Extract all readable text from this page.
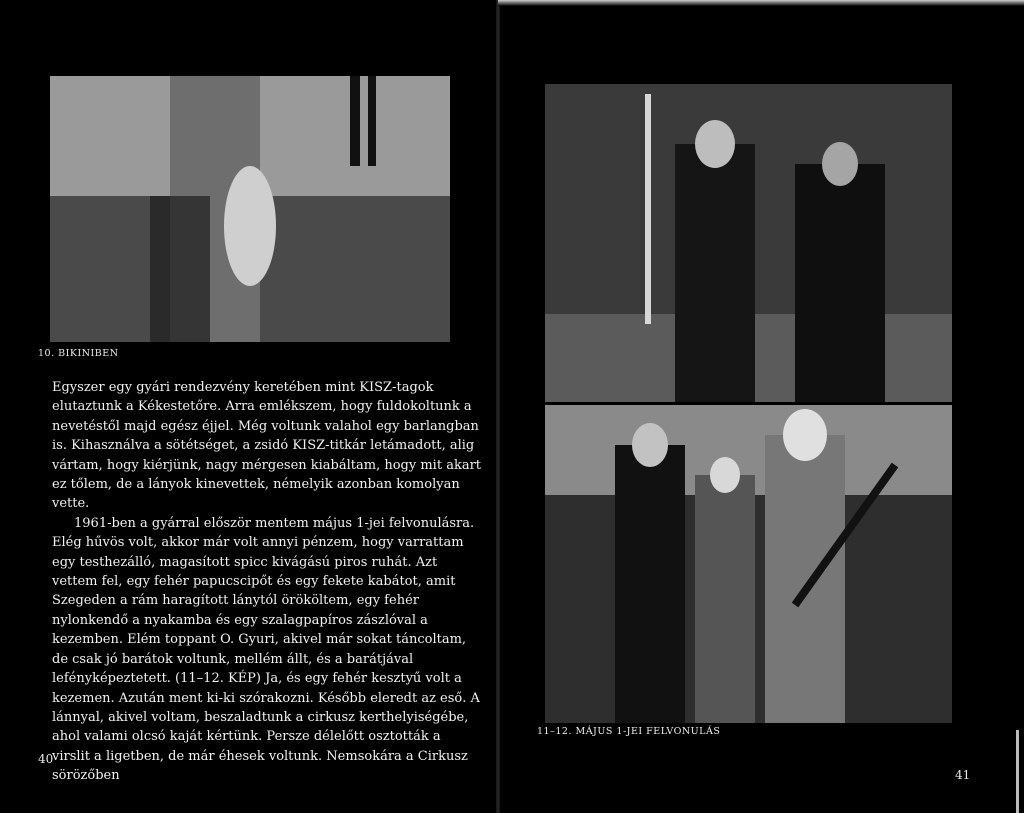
10. BIKINIBEN

Egyszer egy gyári rendezvény keretében mint KISZ-tagok elutaztunk a Kékestetőre. Arra emlékszem, hogy fuldokoltunk a nevetéstől majd egész éjjel. Még voltunk valahol egy barlangban is. Kihasználva a sötétséget, a zsidó KISZ-titkár letámadott, alig vártam, hogy kiérjünk, nagy mérgesen kiabáltam, hogy mit akart ez tőlem, de a lányok kinevettek, némelyik azonban komolyan vette.

1961-ben a gyárral először mentem május 1-jei felvonulásra. Elég hűvös volt, akkor már volt annyi pénzem, hogy varrattam egy testhezálló, magasított spicc kivágású piros ruhát. Azt vettem fel, egy fehér papucscipőt és egy fekete kabátot, amit Szegeden a rám haragított lánytól örököltem, egy fehér nylonkendő a nyakamba és egy szalagpapíros zászlóval a kezemben. Elém toppant O. Gyuri, akivel már sokat táncoltam, de csak jó barátok voltunk, mellém állt, és a barátjával lefényképeztetett. (11–12. KÉP) Ja, és egy fehér kesztyű volt a kezemen. Azután ment ki-ki szórakozni. Később eleredt az eső. A lánnyal, akivel voltam, beszaladtunk a cirkusz kerthelyiségébe, ahol valami olcsó kaját kértünk. Persze délelőtt osztották a virslit a ligetben, de már éhesek voltunk. Nemsokára a Cirkusz sörözőben

40
11–12. MÁJUS 1-JEI FELVONULÁS
41
